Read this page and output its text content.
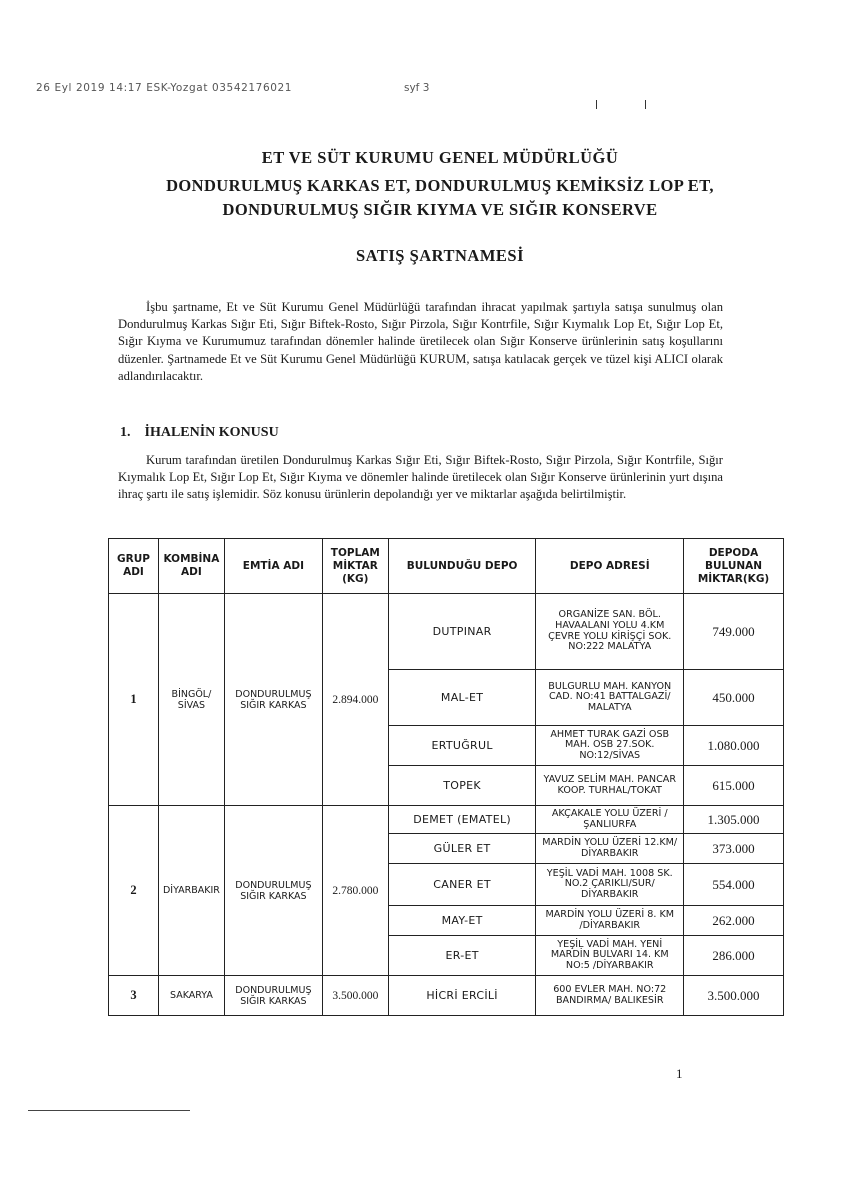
26 Eyl 2019 14:17 ESK-Yozgat 03542176021	syf 3
ET VE SÜT KURUMU GENEL MÜDÜRLÜĞÜ
DONDURULMUŞ KARKAS ET, DONDURULMUŞ KEMİKSİZ LOP ET,
DONDURULMUŞ SIĞIR KIYMA VE SIĞIR KONSERVE
SATIŞ ŞARTNAMESİ
İşbu şartname, Et ve Süt Kurumu Genel Müdürlüğü tarafından ihracat yapılmak şartıyla satışa sunulmuş olan Dondurulmuş Karkas Sığır Eti, Sığır Biftek-Rosto, Sığır Pirzola, Sığır Kontrfile, Sığır Kıymalık Lop Et, Sığır Lop Et, Sığır Kıyma ve Kurumumuz tarafından dönemler halinde üretilecek olan Sığır Konserve ürünlerinin satış koşullarını düzenler. Şartnamede Et ve Süt Kurumu Genel Müdürlüğü KURUM, satışa katılacak gerçek ve tüzel kişi ALICI olarak adlandırılacaktır.
1. İHALENİN KONUSU
Kurum tarafından üretilen Dondurulmuş Karkas Sığır Eti, Sığır Biftek-Rosto, Sığır Pirzola, Sığır Kontrfile, Sığır Kıymalık Lop Et, Sığır Lop Et, Sığır Kıyma ve dönemler halinde üretilecek olan Sığır Konserve ürünlerinin yurt dışına ihraç şartı ile satış işlemidir. Söz konusu ürünlerin depolandığı yer ve miktarlar aşağıda belirtilmiştir.
GRUP ADI	KOMBİNA ADI	EMTİA ADI	TOPLAM MİKTAR (KG)	BULUNDUĞU DEPO	DEPO ADRESİ	DEPODA BULUNAN MİKTAR(KG)
1	BİNGÖL/ SİVAS	DONDURULMUŞ SIĞIR KARKAS	2.894.000	DUTPINAR	ORGANİZE SAN. BÖL. HAVAALANI YOLU 4.KM ÇEVRE YOLU KİRİŞÇİ SOK. NO:222 MALATYA	749.000
				MAL-ET	BULGURLU MAH. KANYON CAD. NO:41 BATTALGAZİ/ MALATYA	450.000
				ERTUĞRUL	AHMET TURAK GAZİ OSB MAH. OSB 27.SOK. NO:12/SİVAS	1.080.000
				TOPEK	YAVUZ SELİM MAH. PANCAR KOOP. TURHAL/TOKAT	615.000
2	DİYARBAKIR	DONDURULMUŞ SIĞIR KARKAS	2.780.000	DEMET (EMATEL)	AKÇAKALE YOLU ÜZERİ /ŞANLIURFA	1.305.000
				GÜLER ET	MARDİN YOLU ÜZERİ 12.KM/ DİYARBAKIR	373.000
				CANER ET	YEŞİL VADİ MAH. 1008 SK. NO.2 ÇARIKLI/SUR/ DİYARBAKIR	554.000
				MAY-ET	MARDİN YOLU ÜZERİ 8. KM /DİYARBAKIR	262.000
				ER-ET	YEŞİL VADİ MAH. YENİ MARDİN BULVARI 14. KM NO:5 /DİYARBAKIR	286.000
3	SAKARYA	DONDURULMUŞ SIĞIR KARKAS	3.500.000	HİCRİ ERCİLİ	600 EVLER MAH. NO:72 BANDIRMA/ BALIKESİR	3.500.000
1
